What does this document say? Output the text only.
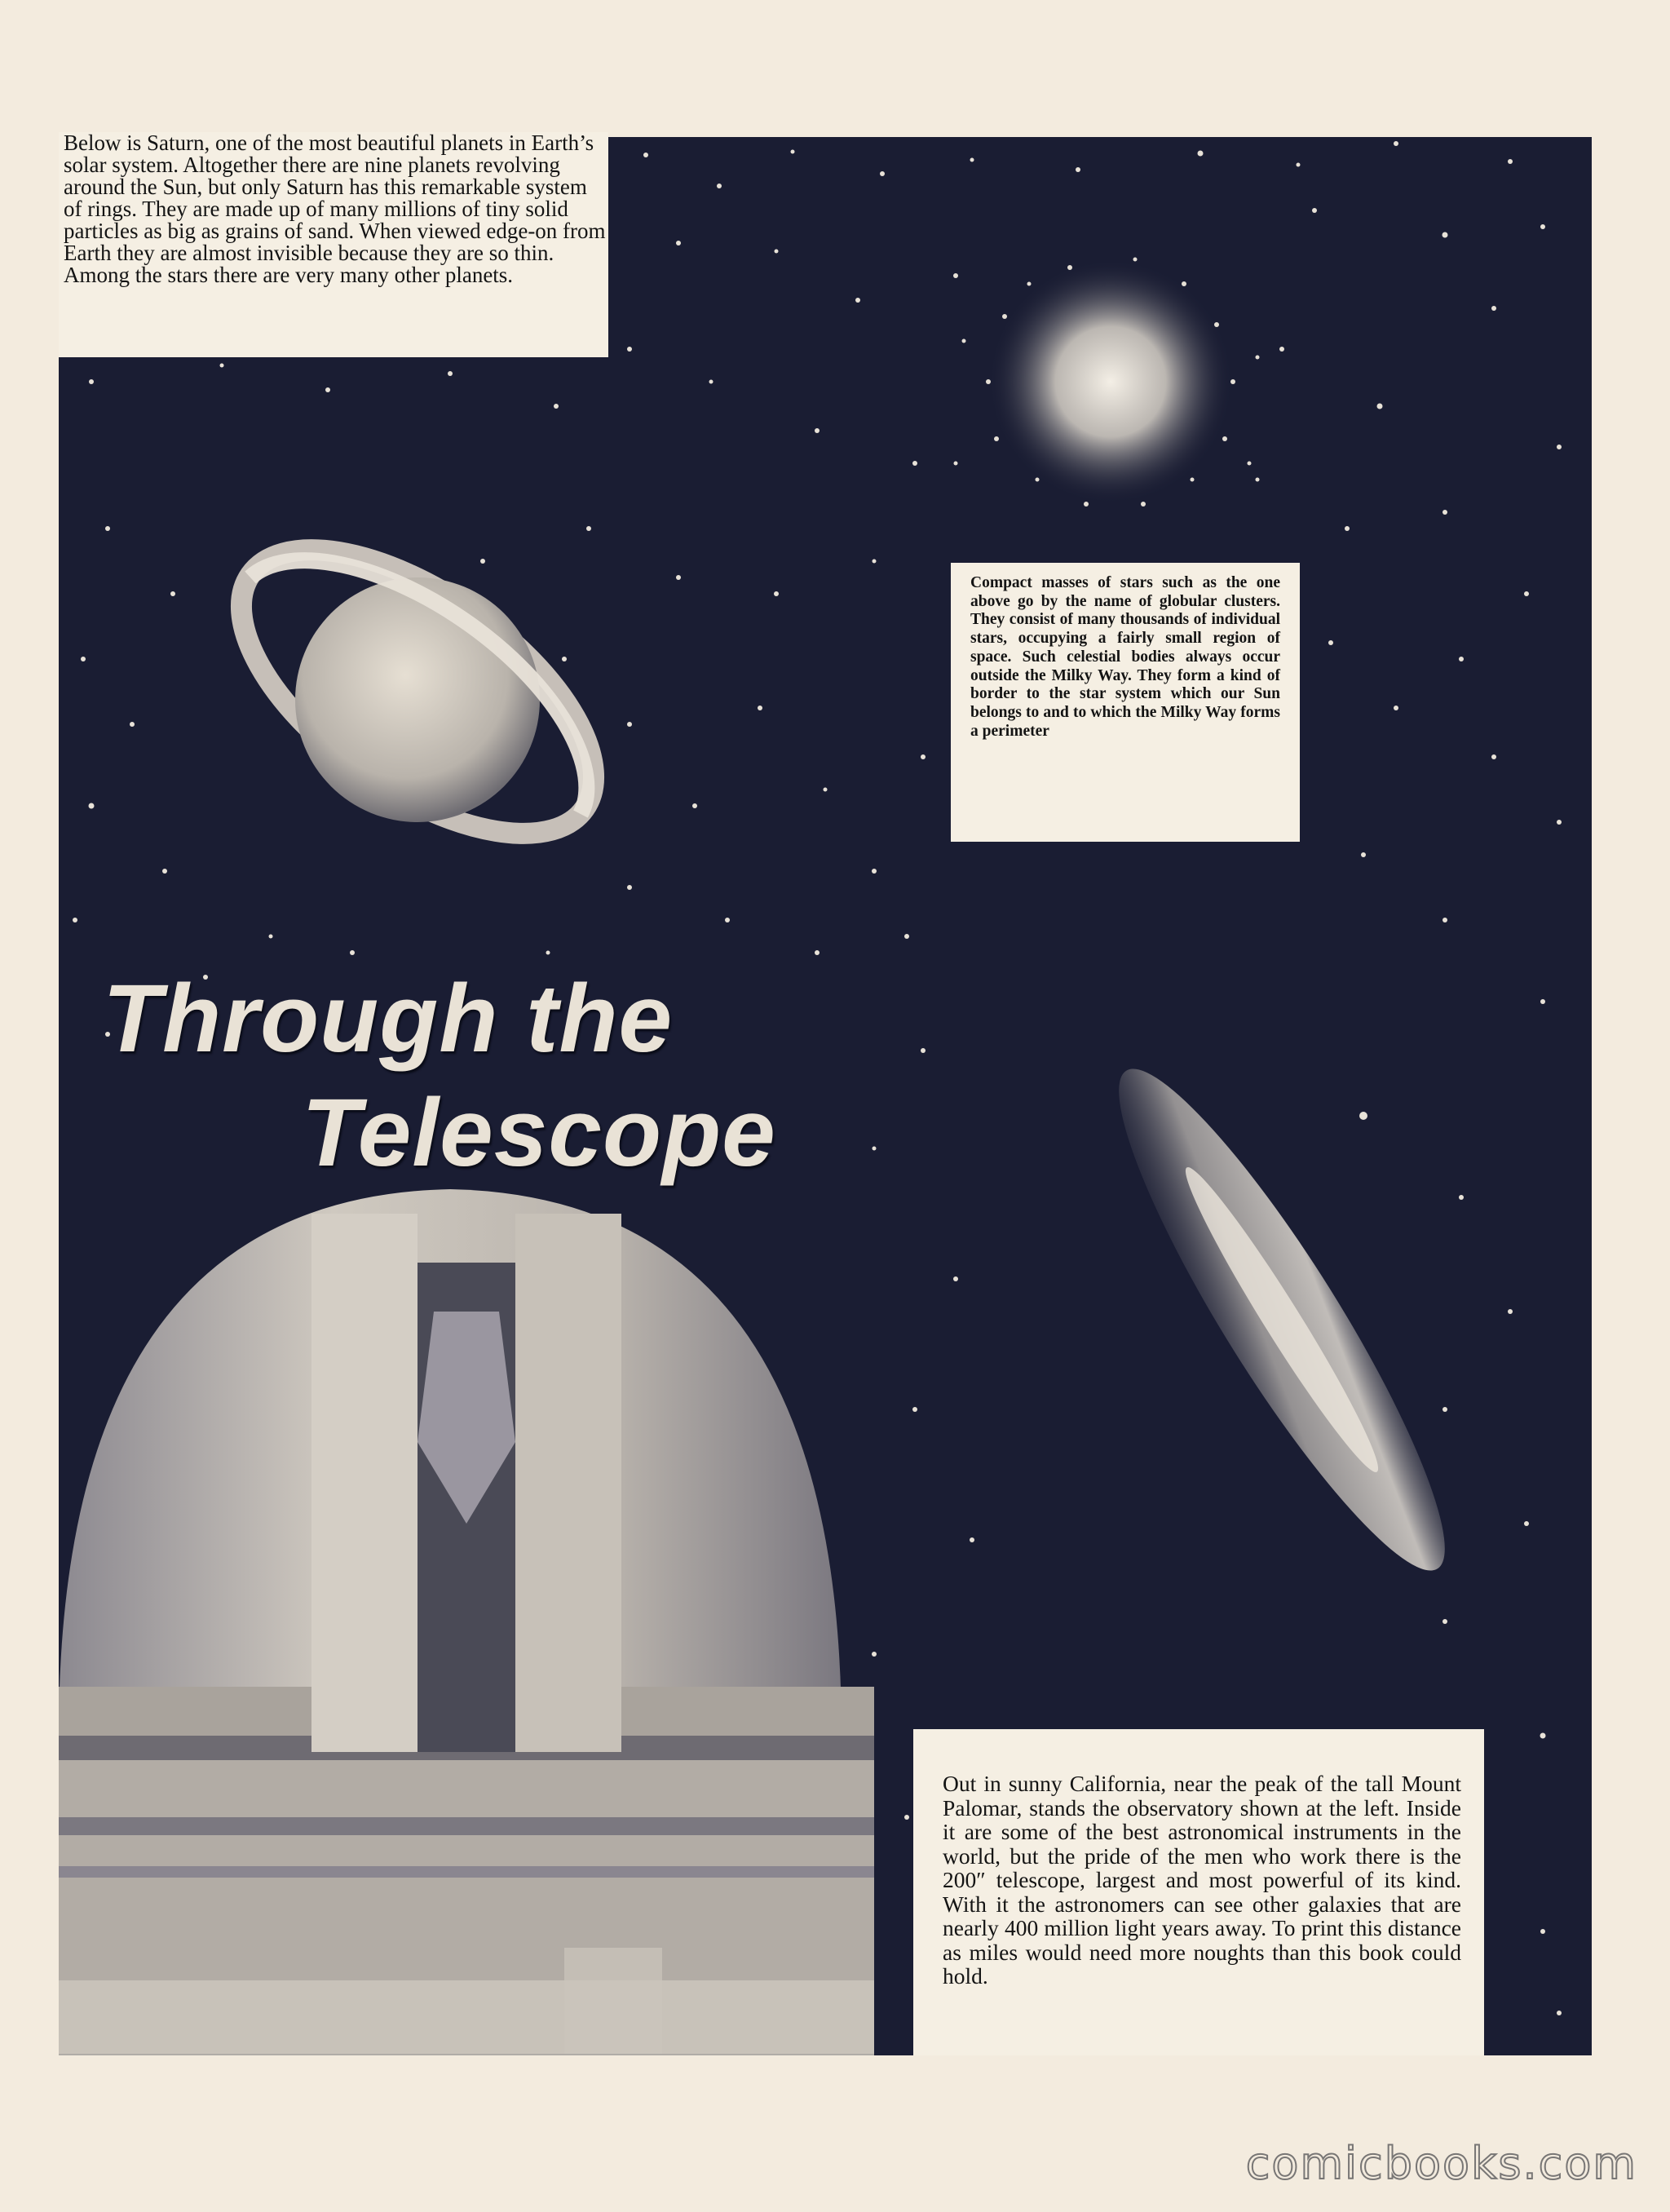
Through the
Telescope
Below is Saturn, one of the most beautiful planets in Earth’s solar system. Altogether there are nine planets revolving around the Sun, but only Saturn has this remarkable system of rings. They are made up of many millions of tiny solid particles as big as grains of sand. When viewed edge-on from Earth they are almost invisible because they are so thin. Among the stars there are very many other planets.
Compact masses of stars such as the one above go by the name of globular clusters. They consist of many thousands of individual stars, occupying a fairly small region of space. Such celestial bodies always occur outside the Milky Way. They form a kind of border to the star system which our Sun belongs to and to which the Milky Way forms a perimeter
Out in sunny California, near the peak of the tall Mount Palomar, stands the observatory shown at the left. Inside it are some of the best astronomical instruments in the world, but the pride of the men who work there is the 200″ telescope, largest and most powerful of its kind. With it the astronomers can see other galaxies that are nearly 400 million light years away. To print this distance as miles would need more noughts than this book could hold.
comicbooks.com
